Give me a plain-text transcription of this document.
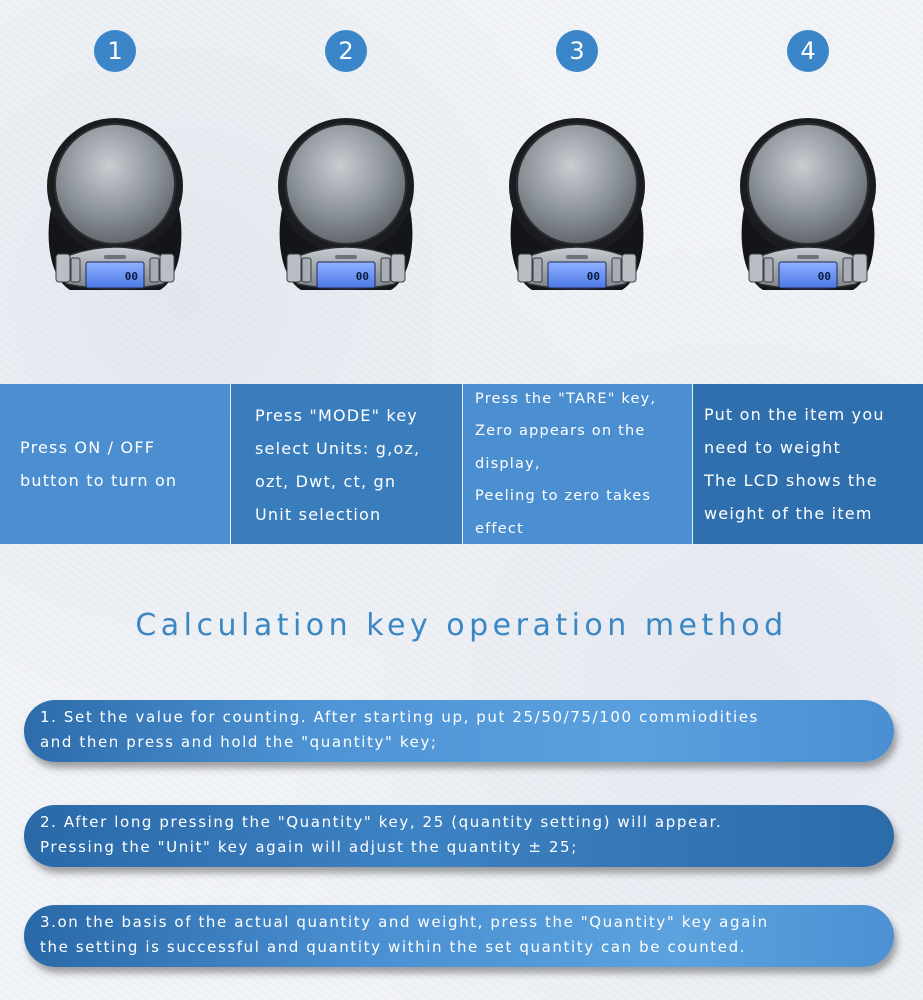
1
00
2
00
3
00
4
00
Press ON / OFF
button to turn on
Press "MODE" key
select Units: g,oz,
ozt, Dwt, ct, gn
Unit selection
Press the "TARE" key,
Zero appears on the
display,
Peeling to zero takes
effect
Put on the item you
need to weight
The LCD shows the
weight of the item
Calculation key operation method
1. Set the value for counting. After starting up, put 25/50/75/100 commiodities
and then press and hold the "quantity" key;
2. After long pressing the "Quantity" key, 25 (quantity setting) will appear.
Pressing the "Unit" key again will adjust the quantity ± 25;
3.on the basis of the actual quantity and weight, press the "Quantity" key again
the setting is successful and quantity within the set quantity can be counted.
